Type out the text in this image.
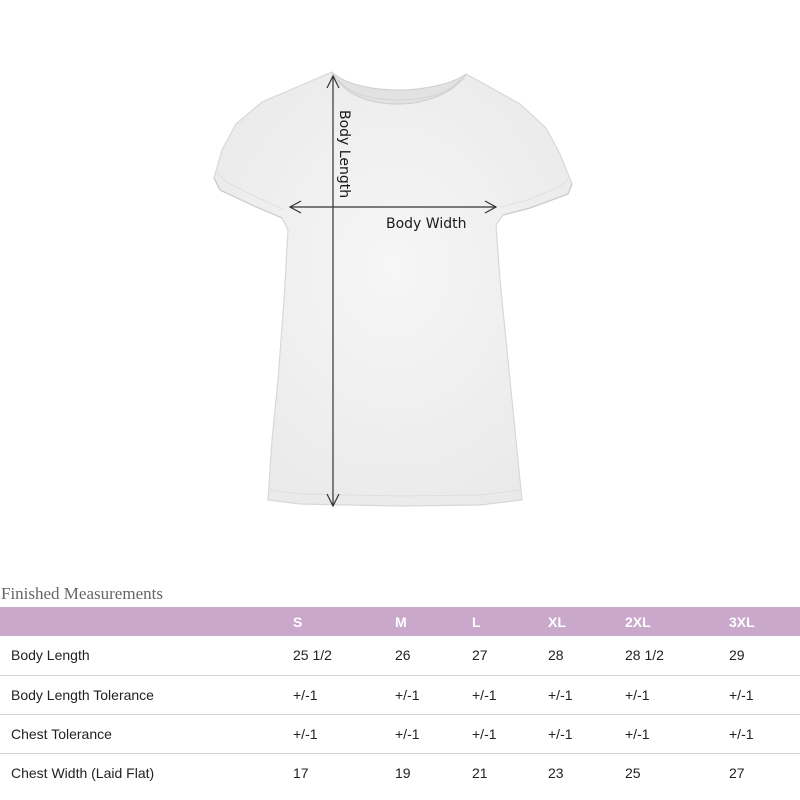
Body Length
Body Width
Finished Measurements
	S	M	L	XL	2XL	3XL
Body Length	25 1/2	26	27	28	28 1/2	29
Body Length Tolerance	+/-1	+/-1	+/-1	+/-1	+/-1	+/-1
Chest Tolerance	+/-1	+/-1	+/-1	+/-1	+/-1	+/-1
Chest Width (Laid Flat)	17	19	21	23	25	27
